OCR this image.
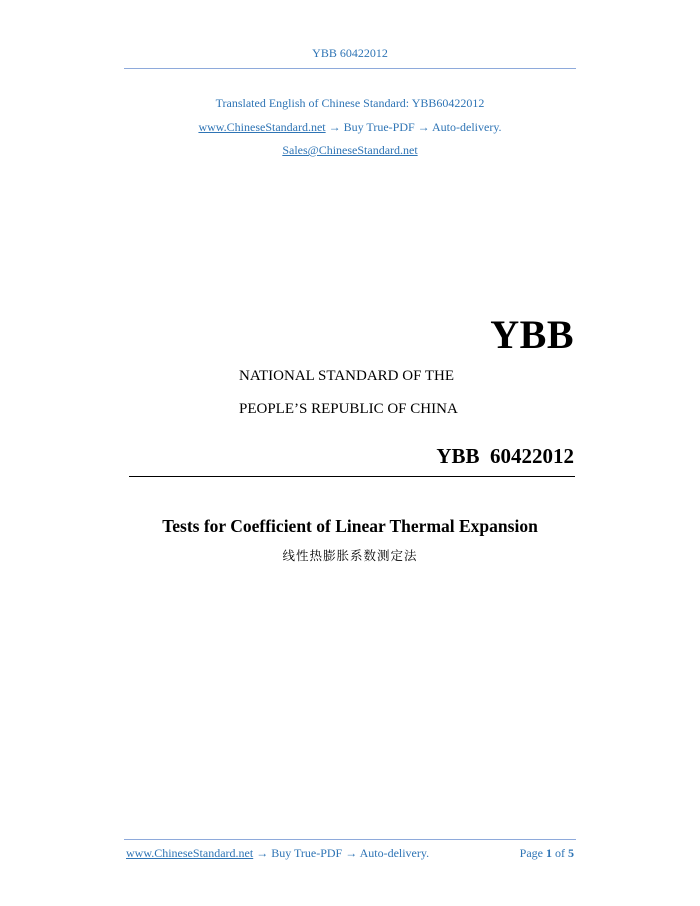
YBB 60422012
Translated English of Chinese Standard: YBB60422012
www.ChineseStandard.net → Buy True-PDF → Auto-delivery.
Sales@ChineseStandard.net
YBB
NATIONAL STANDARD OF THE
PEOPLE’S REPUBLIC OF CHINA
YBB  60422012
Tests for Coefficient of Linear Thermal Expansion
线性热膨胀系数测定法
www.ChineseStandard.net → Buy True-PDF → Auto-delivery.	Page 1 of 5
